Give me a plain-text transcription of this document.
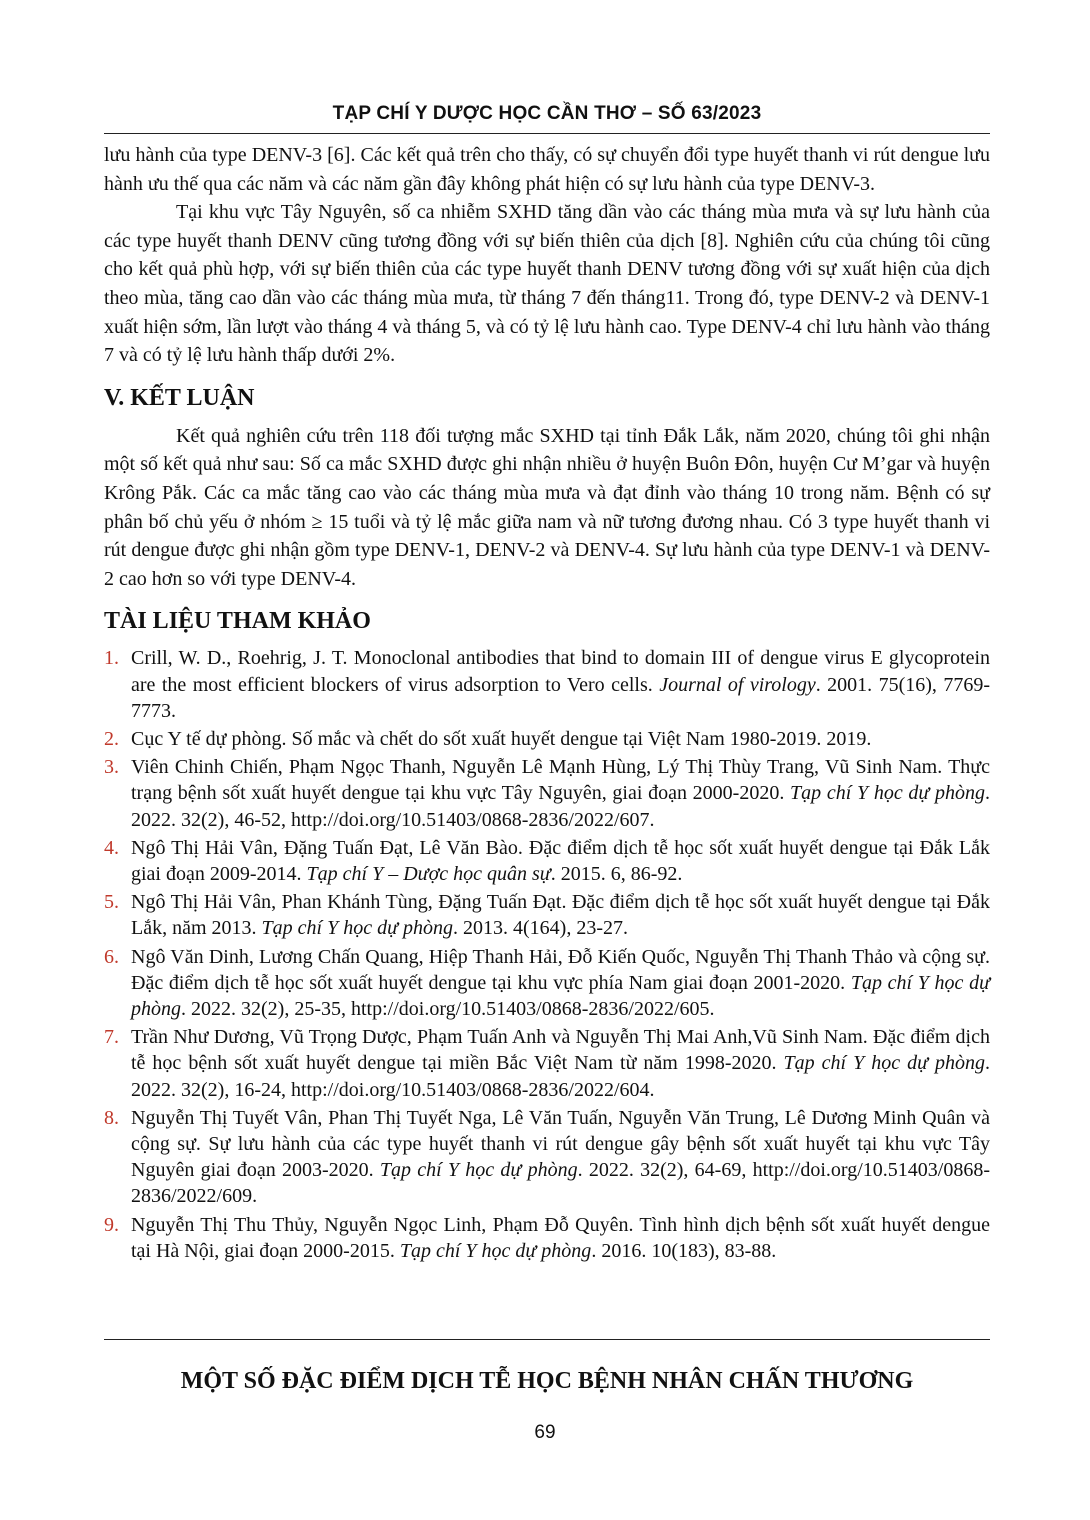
TẠP CHÍ Y DƯỢC HỌC CẦN THƠ – SỐ 63/2023

lưu hành của type DENV-3 [6]. Các kết quả trên cho thấy, có sự chuyển đổi type huyết thanh vi rút dengue lưu hành ưu thế qua các năm và các năm gần đây không phát hiện có sự lưu hành của type DENV-3.

Tại khu vực Tây Nguyên, số ca nhiễm SXHD tăng dần vào các tháng mùa mưa và sự lưu hành của các type huyết thanh DENV cũng tương đồng với sự biến thiên của dịch [8]. Nghiên cứu của chúng tôi cũng cho kết quả phù hợp, với sự biến thiên của các type huyết thanh DENV tương đồng với sự xuất hiện của dịch theo mùa, tăng cao dần vào các tháng mùa mưa, từ tháng 7 đến tháng11. Trong đó, type DENV-2 và DENV-1 xuất hiện sớm, lần lượt vào tháng 4 và tháng 5, và có tỷ lệ lưu hành cao. Type DENV-4 chỉ lưu hành vào tháng 7 và có tỷ lệ lưu hành thấp dưới 2%.

V. KẾT LUẬN

Kết quả nghiên cứu trên 118 đối tượng mắc SXHD tại tỉnh Đắk Lắk, năm 2020, chúng tôi ghi nhận một số kết quả như sau: Số ca mắc SXHD được ghi nhận nhiều ở huyện Buôn Đôn, huyện Cư M’gar và huyện Krông Pắk. Các ca mắc tăng cao vào các tháng mùa mưa và đạt đỉnh vào tháng 10 trong năm. Bệnh có sự phân bố chủ yếu ở nhóm ≥ 15 tuổi và tỷ lệ mắc giữa nam và nữ tương đương nhau. Có 3 type huyết thanh vi rút dengue được ghi nhận gồm type DENV-1, DENV-2 và DENV-4. Sự lưu hành của type DENV-1 và DENV-2 cao hơn so với type DENV-4.

TÀI LIỆU THAM KHẢO
1. Crill, W. D., Roehrig, J. T. Monoclonal antibodies that bind to domain III of dengue virus E glycoprotein are the most efficient blockers of virus adsorption to Vero cells. Journal of virology. 2001. 75(16), 7769-7773.
2. Cục Y tế dự phòng. Số mắc và chết do sốt xuất huyết dengue tại Việt Nam 1980-2019. 2019.
3. Viên Chinh Chiến, Phạm Ngọc Thanh, Nguyễn Lê Mạnh Hùng, Lý Thị Thùy Trang, Vũ Sinh Nam. Thực trạng bệnh sốt xuất huyết dengue tại khu vực Tây Nguyên, giai đoạn 2000-2020. Tạp chí Y học dự phòng. 2022. 32(2), 46-52, http://doi.org/10.51403/0868-2836/2022/607.
4. Ngô Thị Hải Vân, Đặng Tuấn Đạt, Lê Văn Bào. Đặc điểm dịch tễ học sốt xuất huyết dengue tại Đắk Lắk giai đoạn 2009-2014. Tạp chí Y – Dược học quân sự. 2015. 6, 86-92.
5. Ngô Thị Hải Vân, Phan Khánh Tùng, Đặng Tuấn Đạt. Đặc điểm dịch tễ học sốt xuất huyết dengue tại Đắk Lắk, năm 2013. Tạp chí Y học dự phòng. 2013. 4(164), 23-27.
6. Ngô Văn Dinh, Lương Chấn Quang, Hiệp Thanh Hải, Đỗ Kiến Quốc, Nguyễn Thị Thanh Thảo và cộng sự. Đặc điểm dịch tễ học sốt xuất huyết dengue tại khu vực phía Nam giai đoạn 2001-2020. Tạp chí Y học dự phòng. 2022. 32(2), 25-35, http://doi.org/10.51403/0868-2836/2022/605.
7. Trần Như Dương, Vũ Trọng Dược, Phạm Tuấn Anh và Nguyễn Thị Mai Anh,Vũ Sinh Nam. Đặc điểm dịch tễ học bệnh sốt xuất huyết dengue tại miền Bắc Việt Nam từ năm 1998-2020. Tạp chí Y học dự phòng. 2022. 32(2), 16-24, http://doi.org/10.51403/0868-2836/2022/604.
8. Nguyễn Thị Tuyết Vân, Phan Thị Tuyết Nga, Lê Văn Tuấn, Nguyễn Văn Trung, Lê Dương Minh Quân và cộng sự. Sự lưu hành của các type huyết thanh vi rút dengue gây bệnh sốt xuất huyết tại khu vực Tây Nguyên giai đoạn 2003-2020. Tạp chí Y học dự phòng. 2022. 32(2), 64-69, http://doi.org/10.51403/0868-2836/2022/609.
9. Nguyễn Thị Thu Thủy, Nguyễn Ngọc Linh, Phạm Đỗ Quyên. Tình hình dịch bệnh sốt xuất huyết dengue tại Hà Nội, giai đoạn 2000-2015. Tạp chí Y học dự phòng. 2016. 10(183), 83-88.
MỘT SỐ ĐẶC ĐIỂM DỊCH TỄ HỌC BỆNH NHÂN CHẤN THƯƠNG
69
